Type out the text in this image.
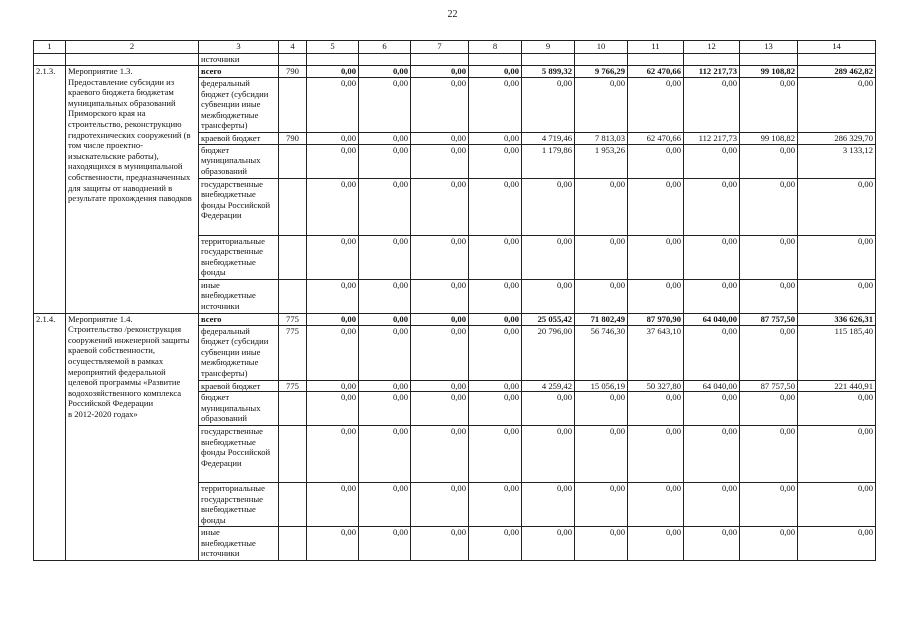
22
1	2	3	4	5	6	7	8	9	10	11	12	13	14
		источники											
2.1.3.	Мероприятие 1.3.
Предоставление субсидии из краевого бюджета бюджетам муниципальных образований Приморского края на строительство, реконструкцию гидротехнических сооружений (в том числе проектно-изыскательские работы), находящихся в муниципальной собственности, предназначенных
для защиты от наводнений в результате прохождения паводков	всего	790	0,00	0,00	0,00	0,00	5 899,32	9 766,29	62 470,66	112 217,73	99 108,82	289 462,82
		федеральный бюджет (субсидии субвенции иные межбюджетные трансферты)		0,00	0,00	0,00	0,00	0,00	0,00	0,00	0,00	0,00	0,00
		краевой бюджет	790	0,00	0,00	0,00	0,00	4 719,46	7 813,03	62 470,66	112 217,73	99 108,82	286 329,70
		бюджет муниципальных образований		0,00	0,00	0,00	0,00	1 179,86	1 953,26	0,00	0,00	0,00	3 133,12
		государственные внебюджетные фонды Российской Федерации		0,00	0,00	0,00	0,00	0,00	0,00	0,00	0,00	0,00	0,00
		территориальные государственные внебюджетные фонды		0,00	0,00	0,00	0,00	0,00	0,00	0,00	0,00	0,00	0,00
		иные внебюджетные источники		0,00	0,00	0,00	0,00	0,00	0,00	0,00	0,00	0,00	0,00
2.1.4.	Мероприятие 1.4.
Строительство /реконструкция сооружений инженерной защиты краевой собственности, осуществляемой в рамках мероприятий федеральной целевой программы «Развитие водохозяйственного комплекса Российской Федерации
в 2012-2020 годах»	всего	775	0,00	0,00	0,00	0,00	25 055,42	71 802,49	87 970,90	64 040,00	87 757,50	336 626,31
		федеральный бюджет (субсидии субвенции иные межбюджетные трансферты)	775	0,00	0,00	0,00	0,00	20 796,00	56 746,30	37 643,10	0,00	0,00	115 185,40
		краевой бюджет	775	0,00	0,00	0,00	0,00	4 259,42	15 056,19	50 327,80	64 040,00	87 757,50	221 440,91
		бюджет муниципальных образований		0,00	0,00	0,00	0,00	0,00	0,00	0,00	0,00	0,00	0,00
		государственные внебюджетные фонды Российской Федерации		0,00	0,00	0,00	0,00	0,00	0,00	0,00	0,00	0,00	0,00
		территориальные государственные внебюджетные фонды		0,00	0,00	0,00	0,00	0,00	0,00	0,00	0,00	0,00	0,00
		иные внебюджетные источники		0,00	0,00	0,00	0,00	0,00	0,00	0,00	0,00	0,00	0,00
